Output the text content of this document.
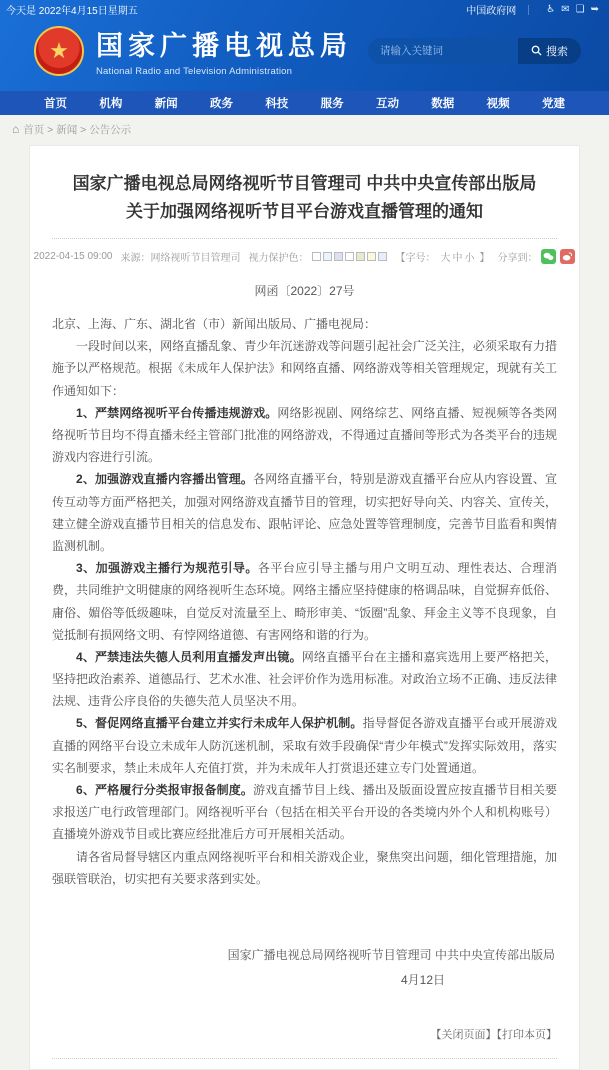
今天是 2022年4月15日星期五	中国政府网 ｜	♿ ✉ ❏ ➥
★ 国家广播电视总局
National Radio and Television Administration
请输入关键词
搜索
首页	机构	新闻	政务	科技	服务	互动	数据	视频	党建
⌂ 首页 > 新闻 > 公告公示
国家广播电视总局网络视听节目管理司 中共中央宣传部出版局
关于加强网络视听节目平台游戏直播管理的通知
2022-04-15 09:00 来源：网络视听节目管理司 视力保护色：	【字号： 大 中 小 】 分享到：
网函〔2022〕27号

北京、上海、广东、湖北省（市）新闻出版局、广播电视局：

一段时间以来，网络直播乱象、青少年沉迷游戏等问题引起社会广泛关注，必须采取有力措施予以严格规范。根据《未成年人保护法》和网络直播、网络游戏等相关管理规定，现就有关工作通知如下：

1、严禁网络视听平台传播违规游戏。网络影视剧、网络综艺、网络直播、短视频等各类网络视听节目均不得直播未经主管部门批准的网络游戏，不得通过直播间等形式为各类平台的违规游戏内容进行引流。

2、加强游戏直播内容播出管理。各网络直播平台，特别是游戏直播平台应从内容设置、宣传互动等方面严格把关，加强对网络游戏直播节目的管理，切实把好导向关、内容关、宣传关，建立健全游戏直播节目相关的信息发布、跟帖评论、应急处置等管理制度，完善节目监看和舆情监测机制。

3、加强游戏主播行为规范引导。各平台应引导主播与用户文明互动、理性表达、合理消费，共同维护文明健康的网络视听生态环境。网络主播应坚持健康的格调品味，自觉摒弃低俗、庸俗、媚俗等低级趣味，自觉反对流量至上、畸形审美、“饭圈”乱象、拜金主义等不良现象，自觉抵制有损网络文明、有悖网络道德、有害网络和谐的行为。

4、严禁违法失德人员利用直播发声出镜。网络直播平台在主播和嘉宾选用上要严格把关，坚持把政治素养、道德品行、艺术水准、社会评价作为选用标准。对政治立场不正确、违反法律法规、违背公序良俗的失德失范人员坚决不用。

5、督促网络直播平台建立并实行未成年人保护机制。指导督促各游戏直播平台或开展游戏直播的网络平台设立未成年人防沉迷机制，采取有效手段确保“青少年模式”发挥实际效用，落实实名制要求，禁止未成年人充值打赏，并为未成年人打赏退还建立专门处置通道。

6、严格履行分类报审报备制度。游戏直播节目上线、播出及版面设置应按直播节目相关要求报送广电行政管理部门。网络视听平台（包括在相关平台开设的各类境内外个人和机构账号）直播境外游戏节目或比赛应经批准后方可开展相关活动。

请各省局督导辖区内重点网络视听平台和相关游戏企业，聚焦突出问题，细化管理措施，加强联管联治，切实把有关要求落到实处。

国家广播电视总局网络视听节目管理司 中共中央宣传部出版局
4月12日
【关闭页面】【打印本页】
